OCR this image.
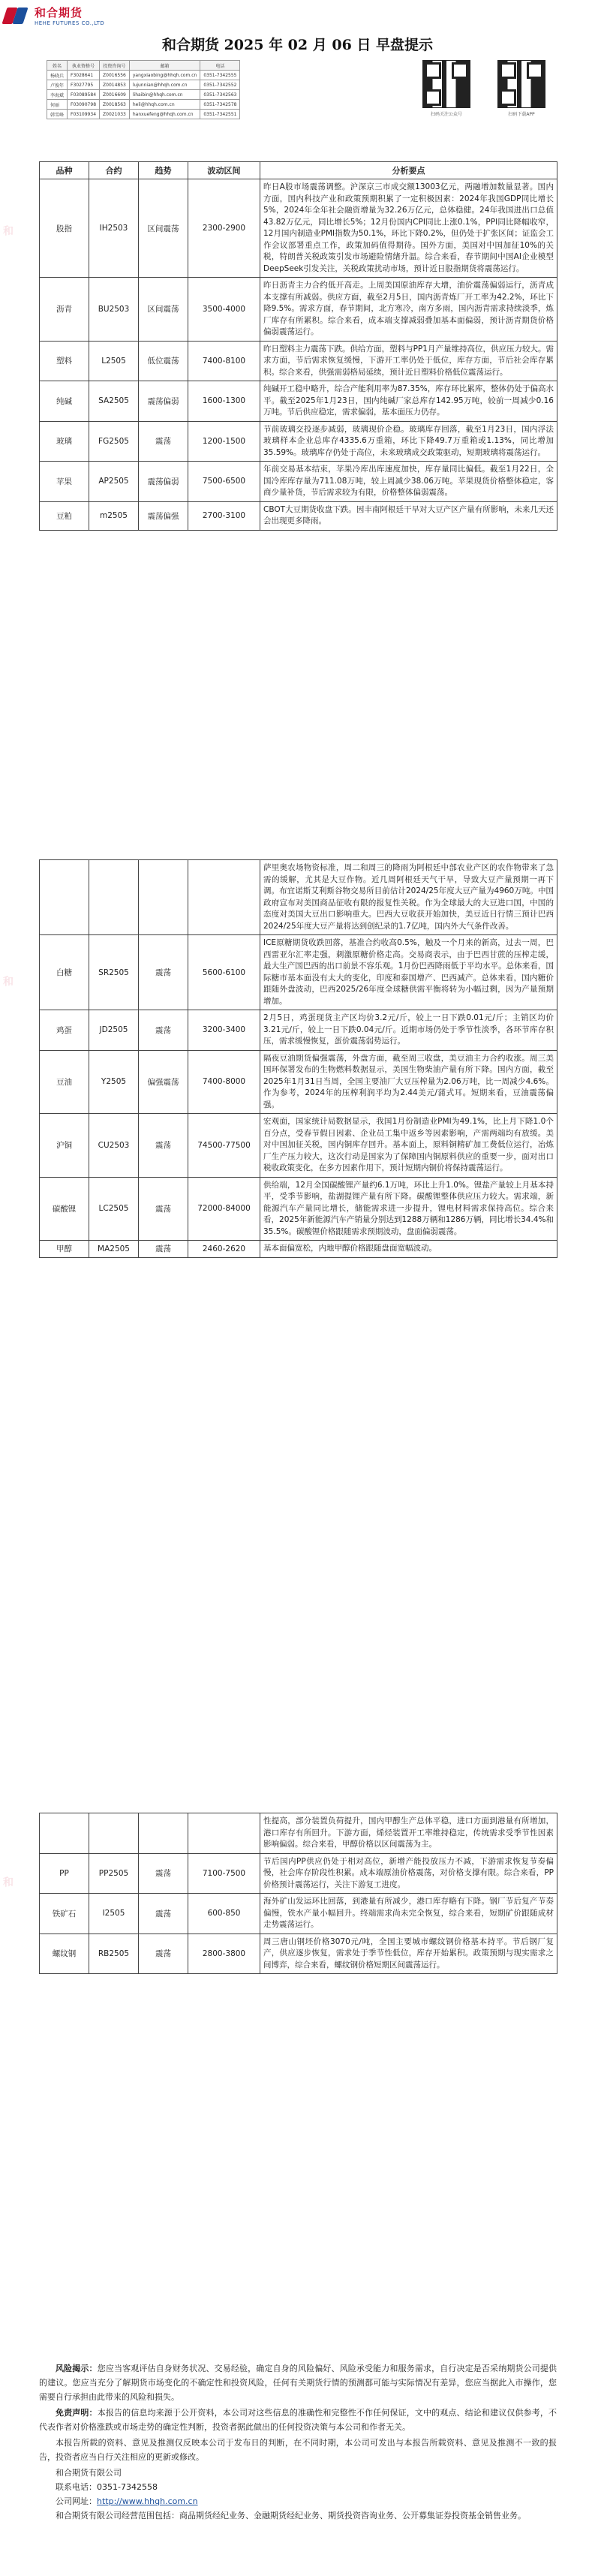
和合期货
HEHE FUTURES CO.,LTD
和合期货 2025 年 02 月 06 日 早盘提示
姓名	执业资格号	投资咨询号	邮箱	电话
杨晓兵	F3028641	Z0016556	yangxiaobing@hhqh.com.cn	0351-7342555
卢俊年	F3027795	Z0014853	lujunnian@hhqh.com.cn	0351-7342552
李海斌	F03089584	Z0016609	lihaibin@hhqh.com.cn	0351-7342563
何丽	F03090798	Z0018563	heli@hhqh.com.cn	0351-7342578
韩雪峰	F03109934	Z0021033	hanxuefeng@hhqh.com.cn	0351-7342551	扫码关注公众号	扫码下载APP
品种	合约	趋势	波动区间	分析要点
股指	IH2503	区间震荡	2300-2900	昨日A股市场震荡调整。沪深京三市成交额13003亿元，两融增加数量显著。国内方面，国内科技产业和政策预期积累了一定积极因素：2024年我国GDP同比增长5%，2024年全年社会融资增量为32.26万亿元，总体稳健。24年我国进出口总值43.82万亿元，同比增长5%；12月份国内CPI同比上涨0.1%，PPI同比降幅收窄，12月国内制造业PMI指数为50.1%，环比下降0.2%，但仍处于扩张区间；证监会工作会议部署重点工作，政策加码值得期待。国外方面，美国对中国加征10%的关税，特朗普关税政策引发市场避险情绪升温。综合来看，春节期间中国AI企业模型DeepSeek引发关注，关税政策扰动市场，预计近日股指期货将震荡运行。
沥青	BU2503	区间震荡	3500-4000	昨日沥青主力合约低开高走。上周美国原油库存大增，油价震荡偏弱运行，沥青成本支撑有所减弱。供应方面，截至2月5日，国内沥青炼厂开工率为42.2%，环比下降9.5%。需求方面，春节期间，北方寒冷，南方多雨，国内沥青需求持续淡季，炼厂库存有所累积。综合来看，成本端支撑减弱叠加基本面偏弱，预计沥青期货价格偏弱震荡运行。
塑料	L2505	低位震荡	7400-8100	昨日塑料主力震荡下跌。供给方面，塑料与PP1月产量维持高位，供应压力较大。需求方面，节后需求恢复缓慢，下游开工率仍处于低位，库存方面，节后社会库存累积。综合来看，供强需弱格局延续，预计近日塑料价格低位震荡运行。
纯碱	SA2505	震荡偏弱	1600-1300	纯碱开工稳中略升，综合产能利用率为87.35%，库存环比累库，整体仍处于偏高水平。截至2025年1月23日，国内纯碱厂家总库存142.95万吨，较前一周减少0.16万吨。节后供应稳定，需求偏弱，基本面压力仍存。
玻璃	FG2505	震荡	1200-1500	节前玻璃交投逐步减弱，玻璃现价企稳。玻璃库存回落，截至1月23日，国内浮法玻璃样本企业总库存4335.6万重箱，环比下降49.7万重箱或1.13%，同比增加35.59%。玻璃库存仍处于高位，未来玻璃成交政策驱动，短期玻璃将震荡运行。
苹果	AP2505	震荡偏弱	7500-6500	年前交易基本结束，苹果冷库出库速度加快，库存量同比偏低。截至1月22日，全国冷库库存量为711.08万吨，较上周减少38.06万吨。苹果现货价格整体稳定，客商少量补货，节后需求较为有限，价格整体偏弱震荡。
豆粕	m2505	震荡偏强	2700-3100	CBOT大豆期货收盘下跌。因丰南阿根廷干旱对大豆产区产量有所影响，未来几天还会出现更多降雨。
				萨里奥农场物资标准，周二和周三的降雨为阿根廷中部农业产区的农作物带来了急需的缓解，尤其是大豆作物。近几周阿根廷天气干旱，导致大豆产量预期一再下调。布宜诺斯艾利斯谷物交易所目前估计2024/25年度大豆产量为4960万吨。中国政府宣布对美国商品征收有限的报复性关税。作为全球最大的大豆进口国，中国的态度对美国大豆出口影响重大。巴西大豆收获开始加快，美豆近日行情三预计巴西2024/25年度大豆产量将达到创纪录的1.7亿吨，国内外大气条件改善。
白糖	SR2505	震荡	5600-6100	ICE原糖期货收跌回落，基准合约收高0.5%，触及一个月来的新高，过去一周，巴西雷亚尔汇率走强，刺激原糖价格走高。交易商表示，由于巴西甘蔗的压榨走缓，最大生产国巴西的出口前景不容乐观。1月份巴西降雨低于平均水平。总体来看，国际糖市基本面没有太大的变化，印度和泰国增产、巴西减产。总体来看，国内糖价跟随外盘波动，巴西2025/26年度全球糖供需平衡将转为小幅过剩，因为产量预期增加。
鸡蛋	JD2505	震荡	3200-3400	2月5日，鸡蛋现货主产区均价3.2元/斤，较上一日下跌0.01元/斤；主销区均价3.21元/斤，较上一日下跌0.04元/斤。近期市场仍处于季节性淡季，各环节库存积压，需求缓慢恢复，蛋价震荡弱势运行。
豆油	Y2505	偏强震荡	7400-8000	隔夜豆油期货偏强震荡，外盘方面，截至周三收盘，美豆油主力合约收涨。周三美国环保署发布的生物燃料数据显示，美国生物柴油产量有所下降。国内方面，截至2025年1月31日当周，全国主要油厂大豆压榨量为2.06万吨，比一周减少4.6%。作为参考，2024年的压榨利润平均为2.44美元/蒲式耳。短期来看，豆油震荡偏强。
沪铜	CU2503	震荡	74500-77500	宏观面，国家统计局数据显示，我国1月份制造业PMI为49.1%，比上月下降1.0个百分点，受春节假日因素、企业员工集中返乡等因素影响，产需两端均有放缓。美对中国加征关税，国内铜库存回升。基本面上，原料铜精矿加工费低位运行，冶炼厂生产压力较大，这次行动是国家为了保障国内铜原料供应的重要一步，面对出口税收政策变化，在多方因素作用下，预计短期内铜价将保持震荡运行。
碳酸锂	LC2505	震荡	72000-84000	供给端，12月全国碳酸锂产量约6.1万吨，环比上升1.0%。锂盐产量较上月基本持平，受季节影响，盐湖提锂产量有所下降。碳酸锂整体供应压力较大。需求端，新能源汽车产量同比增长，储能需求进一步提升，锂电材料需求保持高位。综合来看，2025年新能源汽车产销量分别达到1288万辆和1286万辆，同比增长34.4%和35.5%。碳酸锂价格跟随需求预期波动，盘面偏弱震荡。
甲醇	MA2505	震荡	2460-2620	基本面偏宽松，内地甲醇价格跟随盘面宽幅波动。
				性提高，部分装置负荷提升，国内甲醇生产总体平稳，进口方面到港量有所增加，港口库存有所回升。下游方面，烯烃装置开工率维持稳定，传统需求受季节性因素影响偏弱。综合来看，甲醇价格以区间震荡为主。
PP	PP2505	震荡	7100-7500	节后国内PP供应仍处于相对高位，新增产能投放压力不减，下游需求恢复节奏偏慢，社会库存阶段性积累。成本端原油价格震荡，对价格支撑有限。综合来看，PP价格预计震荡运行，关注下游复工进度。
铁矿石	I2505	震荡	600-850	海外矿山发运环比回落，到港量有所减少，港口库存略有下降。钢厂节后复产节奏偏慢，铁水产量小幅回升。终端需求尚未完全恢复，综合来看，短期矿价跟随成材走势震荡运行。
螺纹钢	RB2505	震荡	2800-3800	周三唐山钢坯价格3070元/吨，全国主要城市螺纹钢价格基本持平。节后钢厂复产，供应逐步恢复，需求处于季节性低位，库存开始累积。政策预期与现实需求之间博弈，综合来看，螺纹钢价格短期区间震荡运行。
和
和
和

风险揭示：您应当客观评估自身财务状况、交易经验，确定自身的风险偏好、风险承受能力和服务需求，自行决定是否采纳期货公司提供的建议。您应当充分了解期货市场变化的不确定性和投资风险，任何有关期货行情的预测都可能与实际情况有差异，您应当据此入市操作，您需要自行承担由此带来的风险和损失。

免责声明：本报告的信息均来源于公开资料，本公司对这些信息的准确性和完整性不作任何保证，文中的观点、结论和建议仅供参考，不代表作者对价格涨跌或市场走势的确定性判断，投资者据此做出的任何投资决策与本公司和作者无关。

本报告所载的资料、意见及推测仅反映本公司于发布日的判断，在不同时期，本公司可发出与本报告所载资料、意见及推测不一致的报告，投资者应当自行关注相应的更新或修改。

和合期货有限公司

联系电话：0351-7342558

公司网址：http://www.hhqh.com.cn

和合期货有限公司经营范围包括：商品期货经纪业务、金融期货经纪业务、期货投资咨询业务、公开募集证券投资基金销售业务。
